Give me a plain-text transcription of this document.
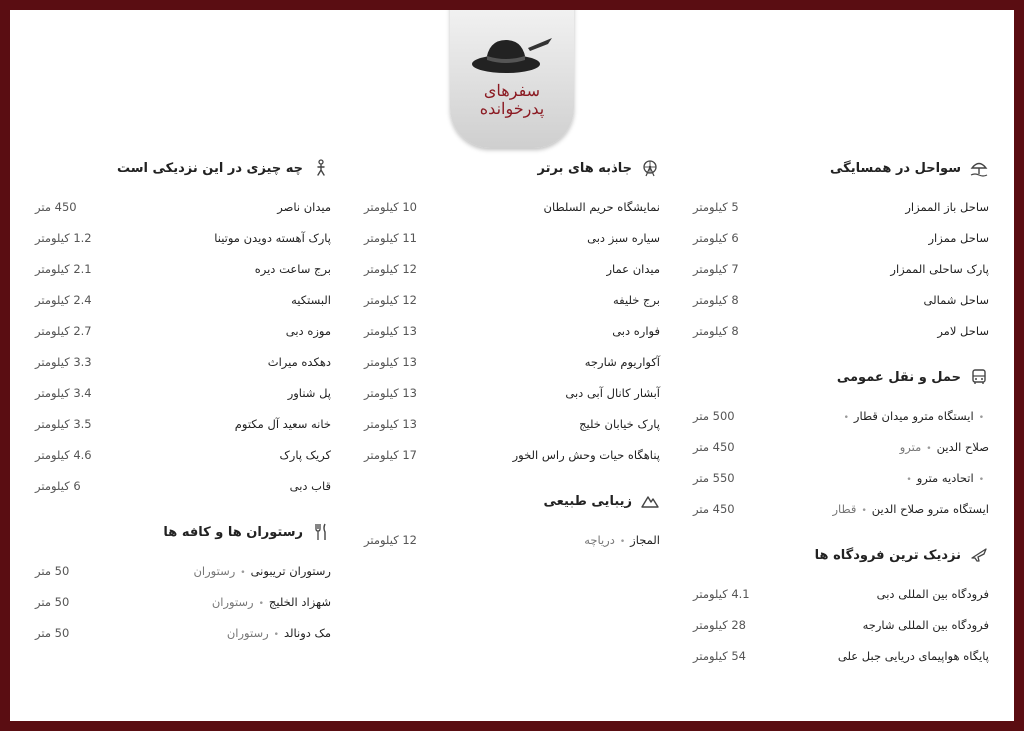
سفرهای پدرخوانده
سواحل در همسایگی
ساحل باز الممزار
5 کیلومتر
ساحل ممزار
6 کیلومتر
پارک ساحلی الممزار
7 کیلومتر
ساحل شمالی
8 کیلومتر
ساحل لامر
8 کیلومتر
حمل و نقل عمومی
•ایستگاه مترو میدان قطار•
500 متر
صلاح الدین•مترو
450 متر
•اتحادیه مترو•
550 متر
ایستگاه مترو صلاح الدین•قطار
450 متر
نزدیک ترین فرودگاه ها
فرودگاه بین المللی دبی
4.1 کیلومتر
فرودگاه بین المللی شارجه
28 کیلومتر
پایگاه هواپیمای دریایی جبل علی
54 کیلومتر
جاذبه های برتر
نمایشگاه حریم السلطان
10 کیلومتر
سیاره سبز دبی
11 کیلومتر
میدان عمار
12 کیلومتر
برج خلیفه
12 کیلومتر
فواره دبی
13 کیلومتر
آکواریوم شارجه
13 کیلومتر
آبشار کانال آبی دبی
13 کیلومتر
پارک خیابان خلیج
13 کیلومتر
پناهگاه حیات وحش راس الخور
17 کیلومتر
زیبایی طبیعی
المجاز•دریاچه
12 کیلومتر
چه چیزی در این نزدیکی است
میدان ناصر
450 متر
پارک آهسته دویدن موتینا
1.2 کیلومتر
برج ساعت دیره
2.1 کیلومتر
البستکیه
2.4 کیلومتر
موزه دبی
2.7 کیلومتر
دهکده میراث
3.3 کیلومتر
پل شناور
3.4 کیلومتر
خانه سعید آل مکتوم
3.5 کیلومتر
کریک پارک
4.6 کیلومتر
قاب دبی
6 کیلومتر
رستوران ها و کافه ها
رستوران تریبونی•رستوران
50 متر
شهزاد الخلیج•رستوران
50 متر
مک دونالد•رستوران
50 متر
